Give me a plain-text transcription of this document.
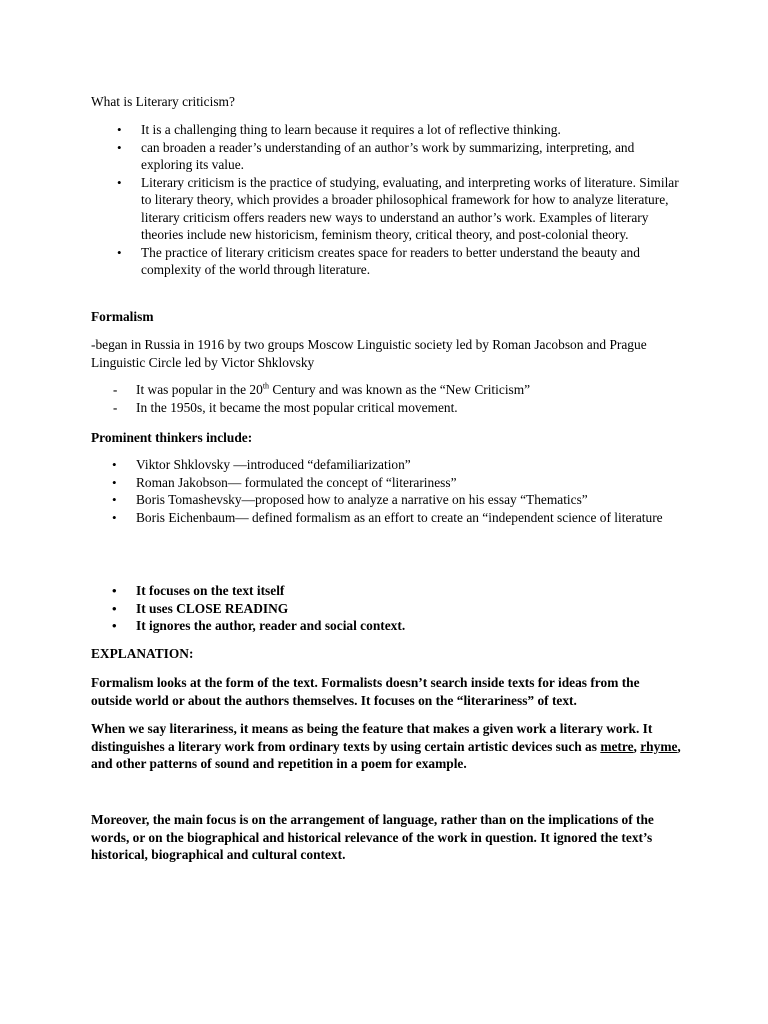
What is Literary criticism?

• It is a challenging thing to learn because it requires a lot of reflective thinking.
• can broaden a reader’s understanding of an author’s work by summarizing, interpreting, and exploring its value.
• Literary criticism is the practice of studying, evaluating, and interpreting works of literature. Similar to literary theory, which provides a broader philosophical framework for how to analyze literature, literary criticism offers readers new ways to understand an author’s work. Examples of literary theories include new historicism, feminism theory, critical theory, and post-colonial theory.
• The practice of literary criticism creates space for readers to better understand the beauty and complexity of the world through literature.

Formalism

-began in Russia in 1916 by two groups Moscow Linguistic society led by Roman Jacobson and Prague Linguistic Circle led by Victor Shklovsky

- It was popular in the 20th Century and was known as the “New Criticism”
- In the 1950s, it became the most popular critical movement.

Prominent thinkers include:

• Viktor Shklovsky —introduced “defamiliarization”
• Roman Jakobson— formulated the concept of “literariness”
• Boris Tomashevsky—proposed how to analyze a narrative on his essay “Thematics”
• Boris Eichenbaum— defined formalism as an effort to create an “independent science of literature
• It focuses on the text itself
• It uses CLOSE READING
• It ignores the author, reader and social context.

EXPLANATION:

Formalism looks at the form of the text. Formalists doesn’t search inside texts for ideas from the outside world or about the authors themselves. It focuses on the “literariness” of text.

When we say literariness, it means as being the feature that makes a given work a literary work. It distinguishes a literary work from ordinary texts by using certain artistic devices such as metre, rhyme, and other patterns of sound and repetition in a poem for example.

Moreover, the main focus is on the arrangement of language, rather than on the implications of the words, or on the biographical and historical relevance of the work in question. It ignored the text’s historical, biographical and cultural context.
